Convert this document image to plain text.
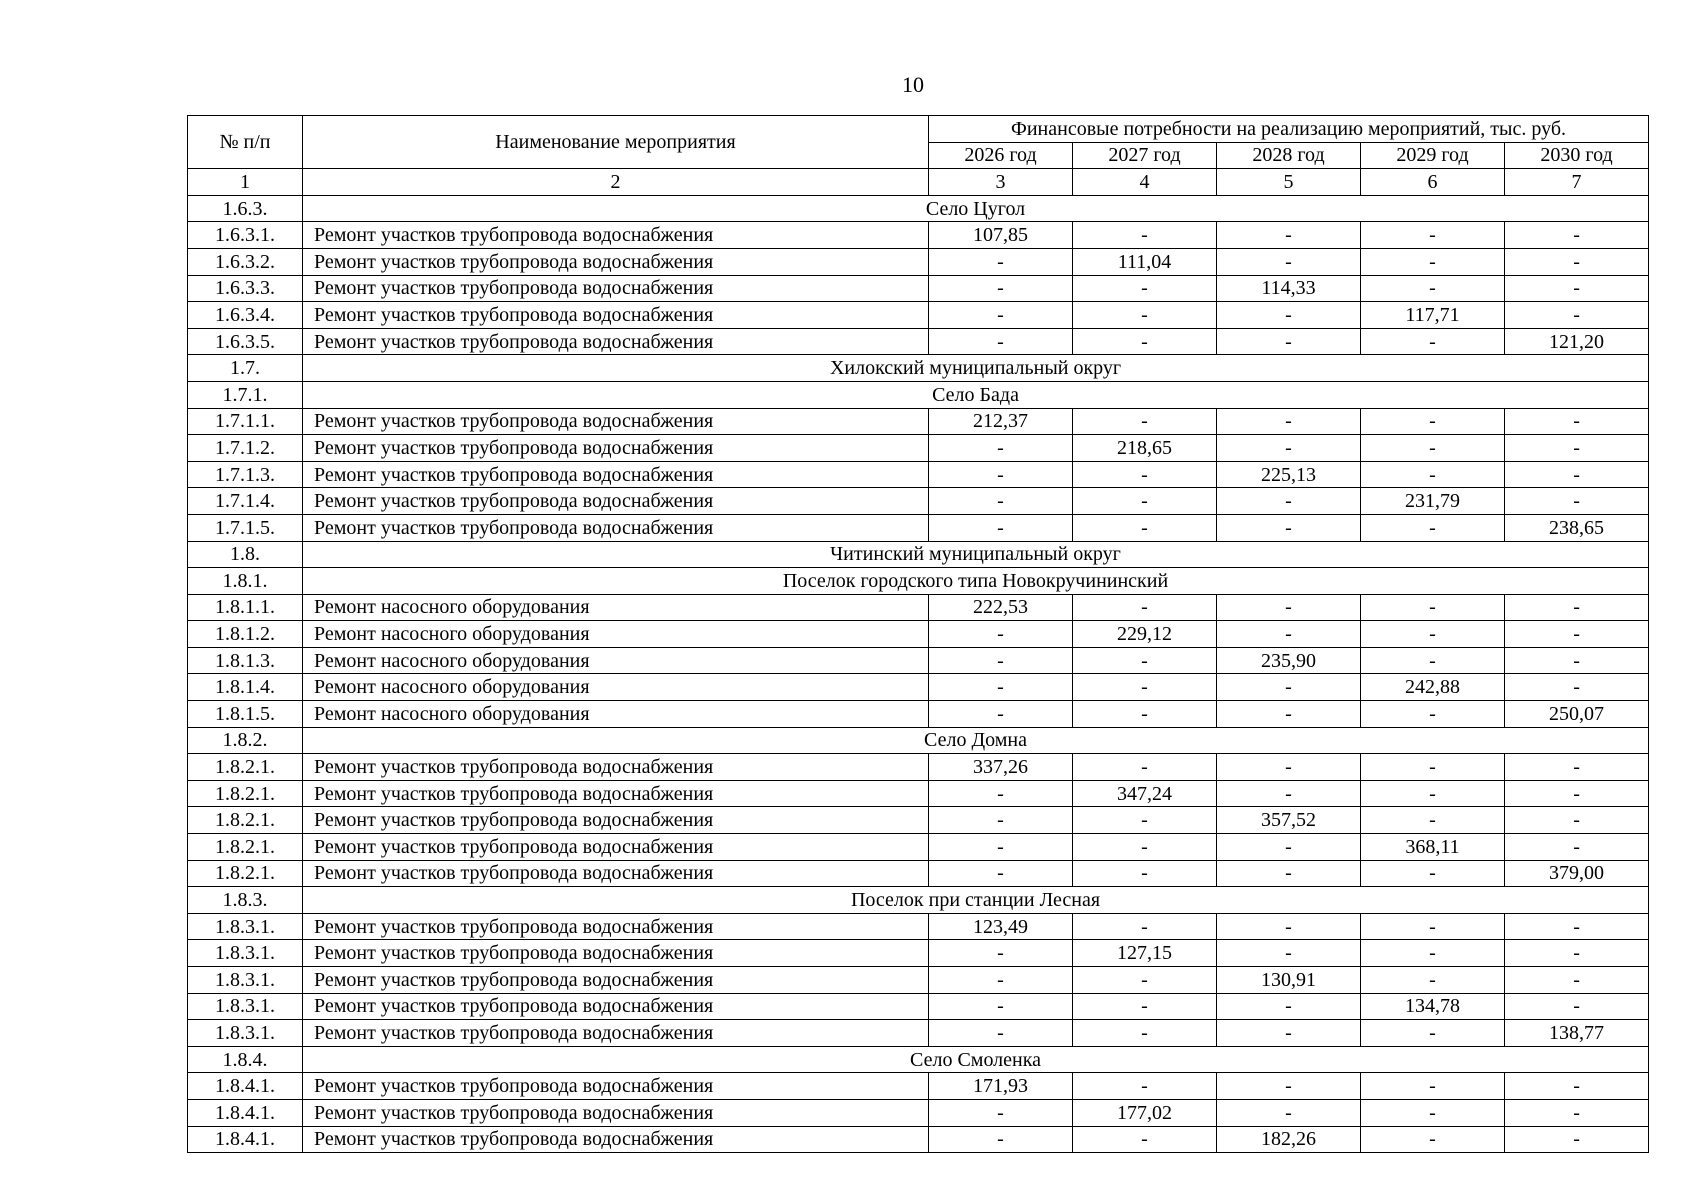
10
№ п/п	Наименование мероприятия	Финансовые потребности на реализацию мероприятий, тыс. руб.				
		2026 год	2027 год	2028 год	2029 год	2030 год
1	2	3	4	5	6	7
1.6.3.	Село Цугол					
1.6.3.1.	Ремонт участков трубопровода водоснабжения	107,85	-	-	-	-
1.6.3.2.	Ремонт участков трубопровода водоснабжения	-	111,04	-	-	-
1.6.3.3.	Ремонт участков трубопровода водоснабжения	-	-	114,33	-	-
1.6.3.4.	Ремонт участков трубопровода водоснабжения	-	-	-	117,71	-
1.6.3.5.	Ремонт участков трубопровода водоснабжения	-	-	-	-	121,20
1.7.	Хилокский муниципальный округ					
1.7.1.	Село Бада					
1.7.1.1.	Ремонт участков трубопровода водоснабжения	212,37	-	-	-	-
1.7.1.2.	Ремонт участков трубопровода водоснабжения	-	218,65	-	-	-
1.7.1.3.	Ремонт участков трубопровода водоснабжения	-	-	225,13	-	-
1.7.1.4.	Ремонт участков трубопровода водоснабжения	-	-	-	231,79	-
1.7.1.5.	Ремонт участков трубопровода водоснабжения	-	-	-	-	238,65
1.8.	Читинский муниципальный округ					
1.8.1.	Поселок городского типа Новокручининский					
1.8.1.1.	Ремонт насосного оборудования	222,53	-	-	-	-
1.8.1.2.	Ремонт насосного оборудования	-	229,12	-	-	-
1.8.1.3.	Ремонт насосного оборудования	-	-	235,90	-	-
1.8.1.4.	Ремонт насосного оборудования	-	-	-	242,88	-
1.8.1.5.	Ремонт насосного оборудования	-	-	-	-	250,07
1.8.2.	Село Домна					
1.8.2.1.	Ремонт участков трубопровода водоснабжения	337,26	-	-	-	-
1.8.2.1.	Ремонт участков трубопровода водоснабжения	-	347,24	-	-	-
1.8.2.1.	Ремонт участков трубопровода водоснабжения	-	-	357,52	-	-
1.8.2.1.	Ремонт участков трубопровода водоснабжения	-	-	-	368,11	-
1.8.2.1.	Ремонт участков трубопровода водоснабжения	-	-	-	-	379,00
1.8.3.	Поселок при станции Лесная					
1.8.3.1.	Ремонт участков трубопровода водоснабжения	123,49	-	-	-	-
1.8.3.1.	Ремонт участков трубопровода водоснабжения	-	127,15	-	-	-
1.8.3.1.	Ремонт участков трубопровода водоснабжения	-	-	130,91	-	-
1.8.3.1.	Ремонт участков трубопровода водоснабжения	-	-	-	134,78	-
1.8.3.1.	Ремонт участков трубопровода водоснабжения	-	-	-	-	138,77
1.8.4.	Село Смоленка					
1.8.4.1.	Ремонт участков трубопровода водоснабжения	171,93	-	-	-	-
1.8.4.1.	Ремонт участков трубопровода водоснабжения	-	177,02	-	-	-
1.8.4.1.	Ремонт участков трубопровода водоснабжения	-	-	182,26	-	-
